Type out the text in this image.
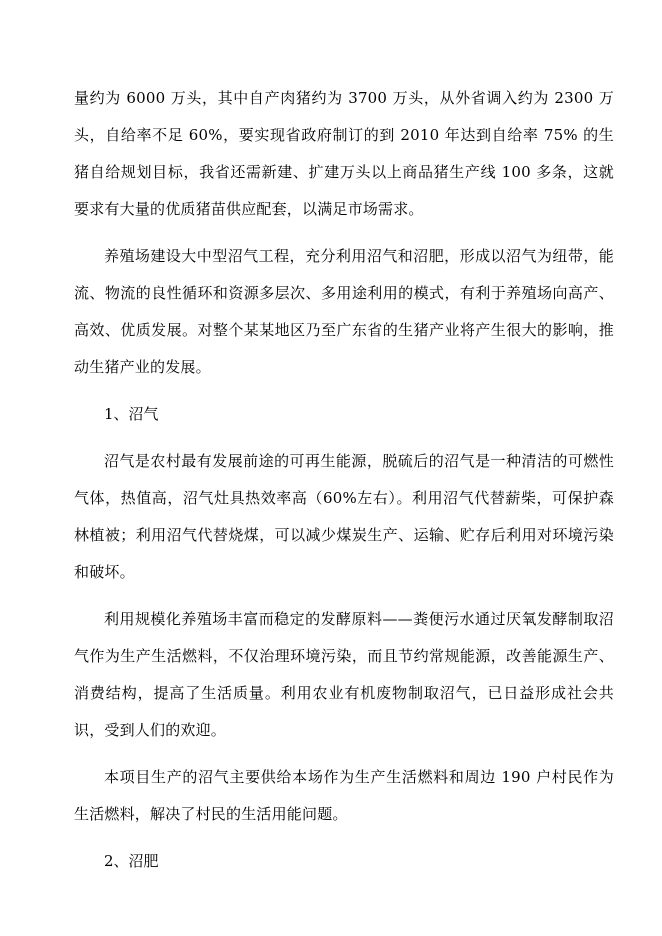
量约为 6000 万头，其中自产肉猪约为 3700 万头，从外省调入约为 2300 万头，自给率不足 60%，要实现省政府制订的到 2010 年达到自给率 75% 的生猪自给规划目标，我省还需新建、扩建万头以上商品猪生产线 100 多条，这就要求有大量的优质猪苗供应配套，以满足市场需求。

养殖场建设大中型沼气工程，充分利用沼气和沼肥，形成以沼气为纽带，能流、物流的良性循环和资源多层次、多用途利用的模式，有利于养殖场向高产、高效、优质发展。对整个某某地区乃至广东省的生猪产业将产生很大的影响，推动生猪产业的发展。

1、沼气

沼气是农村最有发展前途的可再生能源，脱硫后的沼气是一种清洁的可燃性气体，热值高，沼气灶具热效率高（60%左右）。利用沼气代替薪柴，可保护森林植被；利用沼气代替烧煤，可以减少煤炭生产、运输、贮存后利用对环境污染和破坏。

利用规模化养殖场丰富而稳定的发酵原料——粪便污水通过厌氧发酵制取沼气作为生产生活燃料，不仅治理环境污染，而且节约常规能源，改善能源生产、消费结构，提高了生活质量。利用农业有机废物制取沼气，已日益形成社会共识，受到人们的欢迎。

本项目生产的沼气主要供给本场作为生产生活燃料和周边 190 户村民作为生活燃料，解决了村民的生活用能问题。

2、沼肥
